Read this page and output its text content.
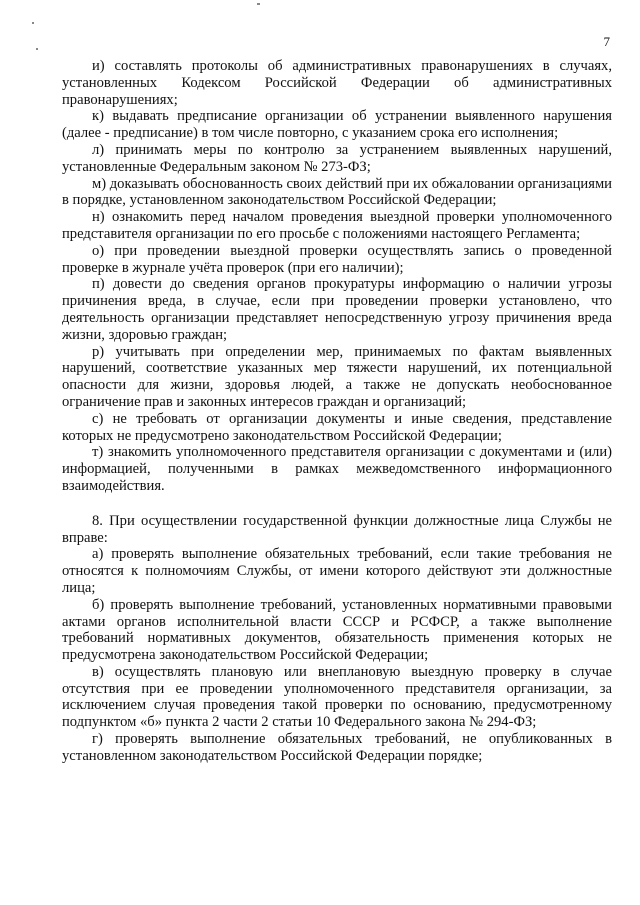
7

и) составлять протоколы об административных правонарушениях в случаях, установленных Кодексом Российской Федерации об административных правонарушениях;

к) выдавать предписание организации об устранении выявленного нарушения (далее - предписание) в том числе повторно, с указанием срока его исполнения;

л) принимать меры по контролю за устранением выявленных нарушений, установленные Федеральным законом № 273-ФЗ;

м) доказывать обоснованность своих действий при их обжаловании организациями в порядке, установленном законодательством Российской Федерации;

н) ознакомить перед началом проведения выездной проверки уполномоченного представителя организации по его просьбе с положениями настоящего Регламента;

о) при проведении выездной проверки осуществлять запись о проведенной проверке в журнале учёта проверок (при его наличии);

п) довести до сведения органов прокуратуры информацию о наличии угрозы причинения вреда, в случае, если при проведении проверки установлено, что деятельность организации представляет непосредственную угрозу причинения вреда жизни, здоровью граждан;

р) учитывать при определении мер, принимаемых по фактам выявленных нарушений, соответствие указанных мер тяжести нарушений, их потенциальной опасности для жизни, здоровья людей, а также не допускать необоснованное ограничение прав и законных интересов граждан и организаций;

с) не требовать от организации документы и иные сведения, представление которых не предусмотрено законодательством Российской Федерации;

т) знакомить уполномоченного представителя организации с документами и (или) информацией, полученными в рамках межведомственного информационного взаимодействия.

8. При осуществлении государственной функции должностные лица Службы не вправе:

а) проверять выполнение обязательных требований, если такие требования не относятся к полномочиям Службы, от имени которого действуют эти должностные лица;

б) проверять выполнение требований, установленных нормативными правовыми актами органов исполнительной власти СССР и РСФСР, а также выполнение требований нормативных документов, обязательность применения которых не предусмотрена законодательством Российской Федерации;

в) осуществлять плановую или внеплановую выездную проверку в случае отсутствия при ее проведении уполномоченного представителя организации, за исключением случая проведения такой проверки по основанию, предусмотренному подпунктом «б» пункта 2 части 2 статьи 10 Федерального закона № 294-ФЗ;

г) проверять выполнение обязательных требований, не опубликованных в установленном законодательством Российской Федерации порядке;
